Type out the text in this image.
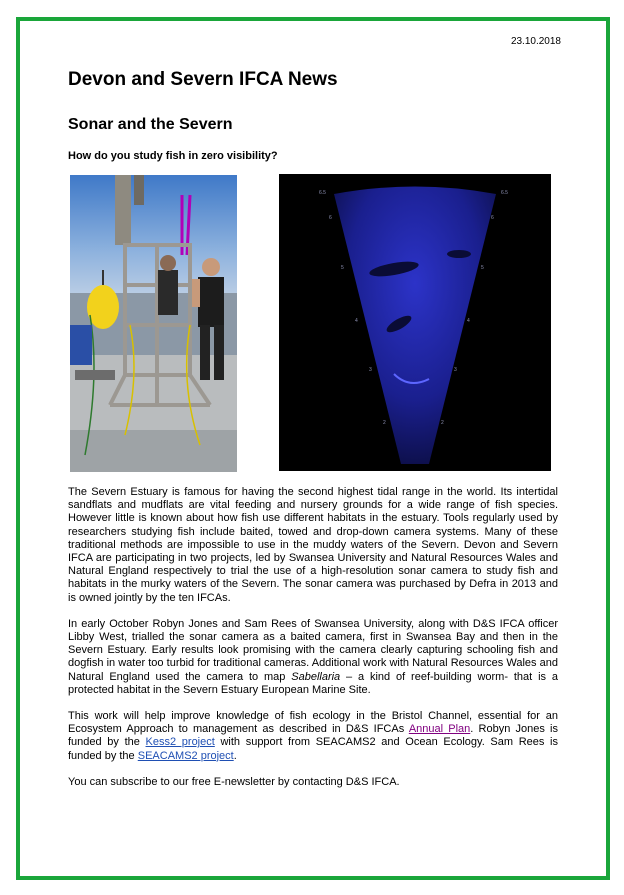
23.10.2018
Devon and Severn IFCA News
Sonar and the Severn

How do you study fish in zero visibility?

6.5
6
5
4
3
2
6.5
6
5
4
3
2

The Severn Estuary is famous for having the second highest tidal range in the world. Its intertidal sandflats and mudflats are vital feeding and nursery grounds for a wide range of fish species. However little is known about how fish use different habitats in the estuary. Tools regularly used by researchers studying fish include baited, towed and drop-down camera systems. Many of these traditional methods are impossible to use in the muddy waters of the Severn. Devon and Severn IFCA are participating in two projects, led by Swansea University and Natural Resources Wales and Natural England respectively to trial the use of a high-resolution sonar camera to study fish and habitats in the murky waters of the Severn. The sonar camera was purchased by Defra in 2013 and is owned jointly by the ten IFCAs.

In early October Robyn Jones and Sam Rees of Swansea University, along with D&S IFCA officer Libby West, trialled the sonar camera as a baited camera, first in Swansea Bay and then in the Severn Estuary. Early results look promising with the camera clearly capturing schooling fish and dogfish in water too turbid for traditional cameras. Additional work with Natural Resources Wales and Natural England used the camera to map Sabellaria – a kind of reef-building worm- that is a protected habitat in the Severn Estuary European Marine Site.

This work will help improve knowledge of fish ecology in the Bristol Channel, essential for an Ecosystem Approach to management as described in D&S IFCAs Annual Plan. Robyn Jones is funded by the Kess2 project with support from SEACAMS2 and Ocean Ecology. Sam Rees is funded by the SEACAMS2 project.

You can subscribe to our free E-newsletter by contacting D&S IFCA.
